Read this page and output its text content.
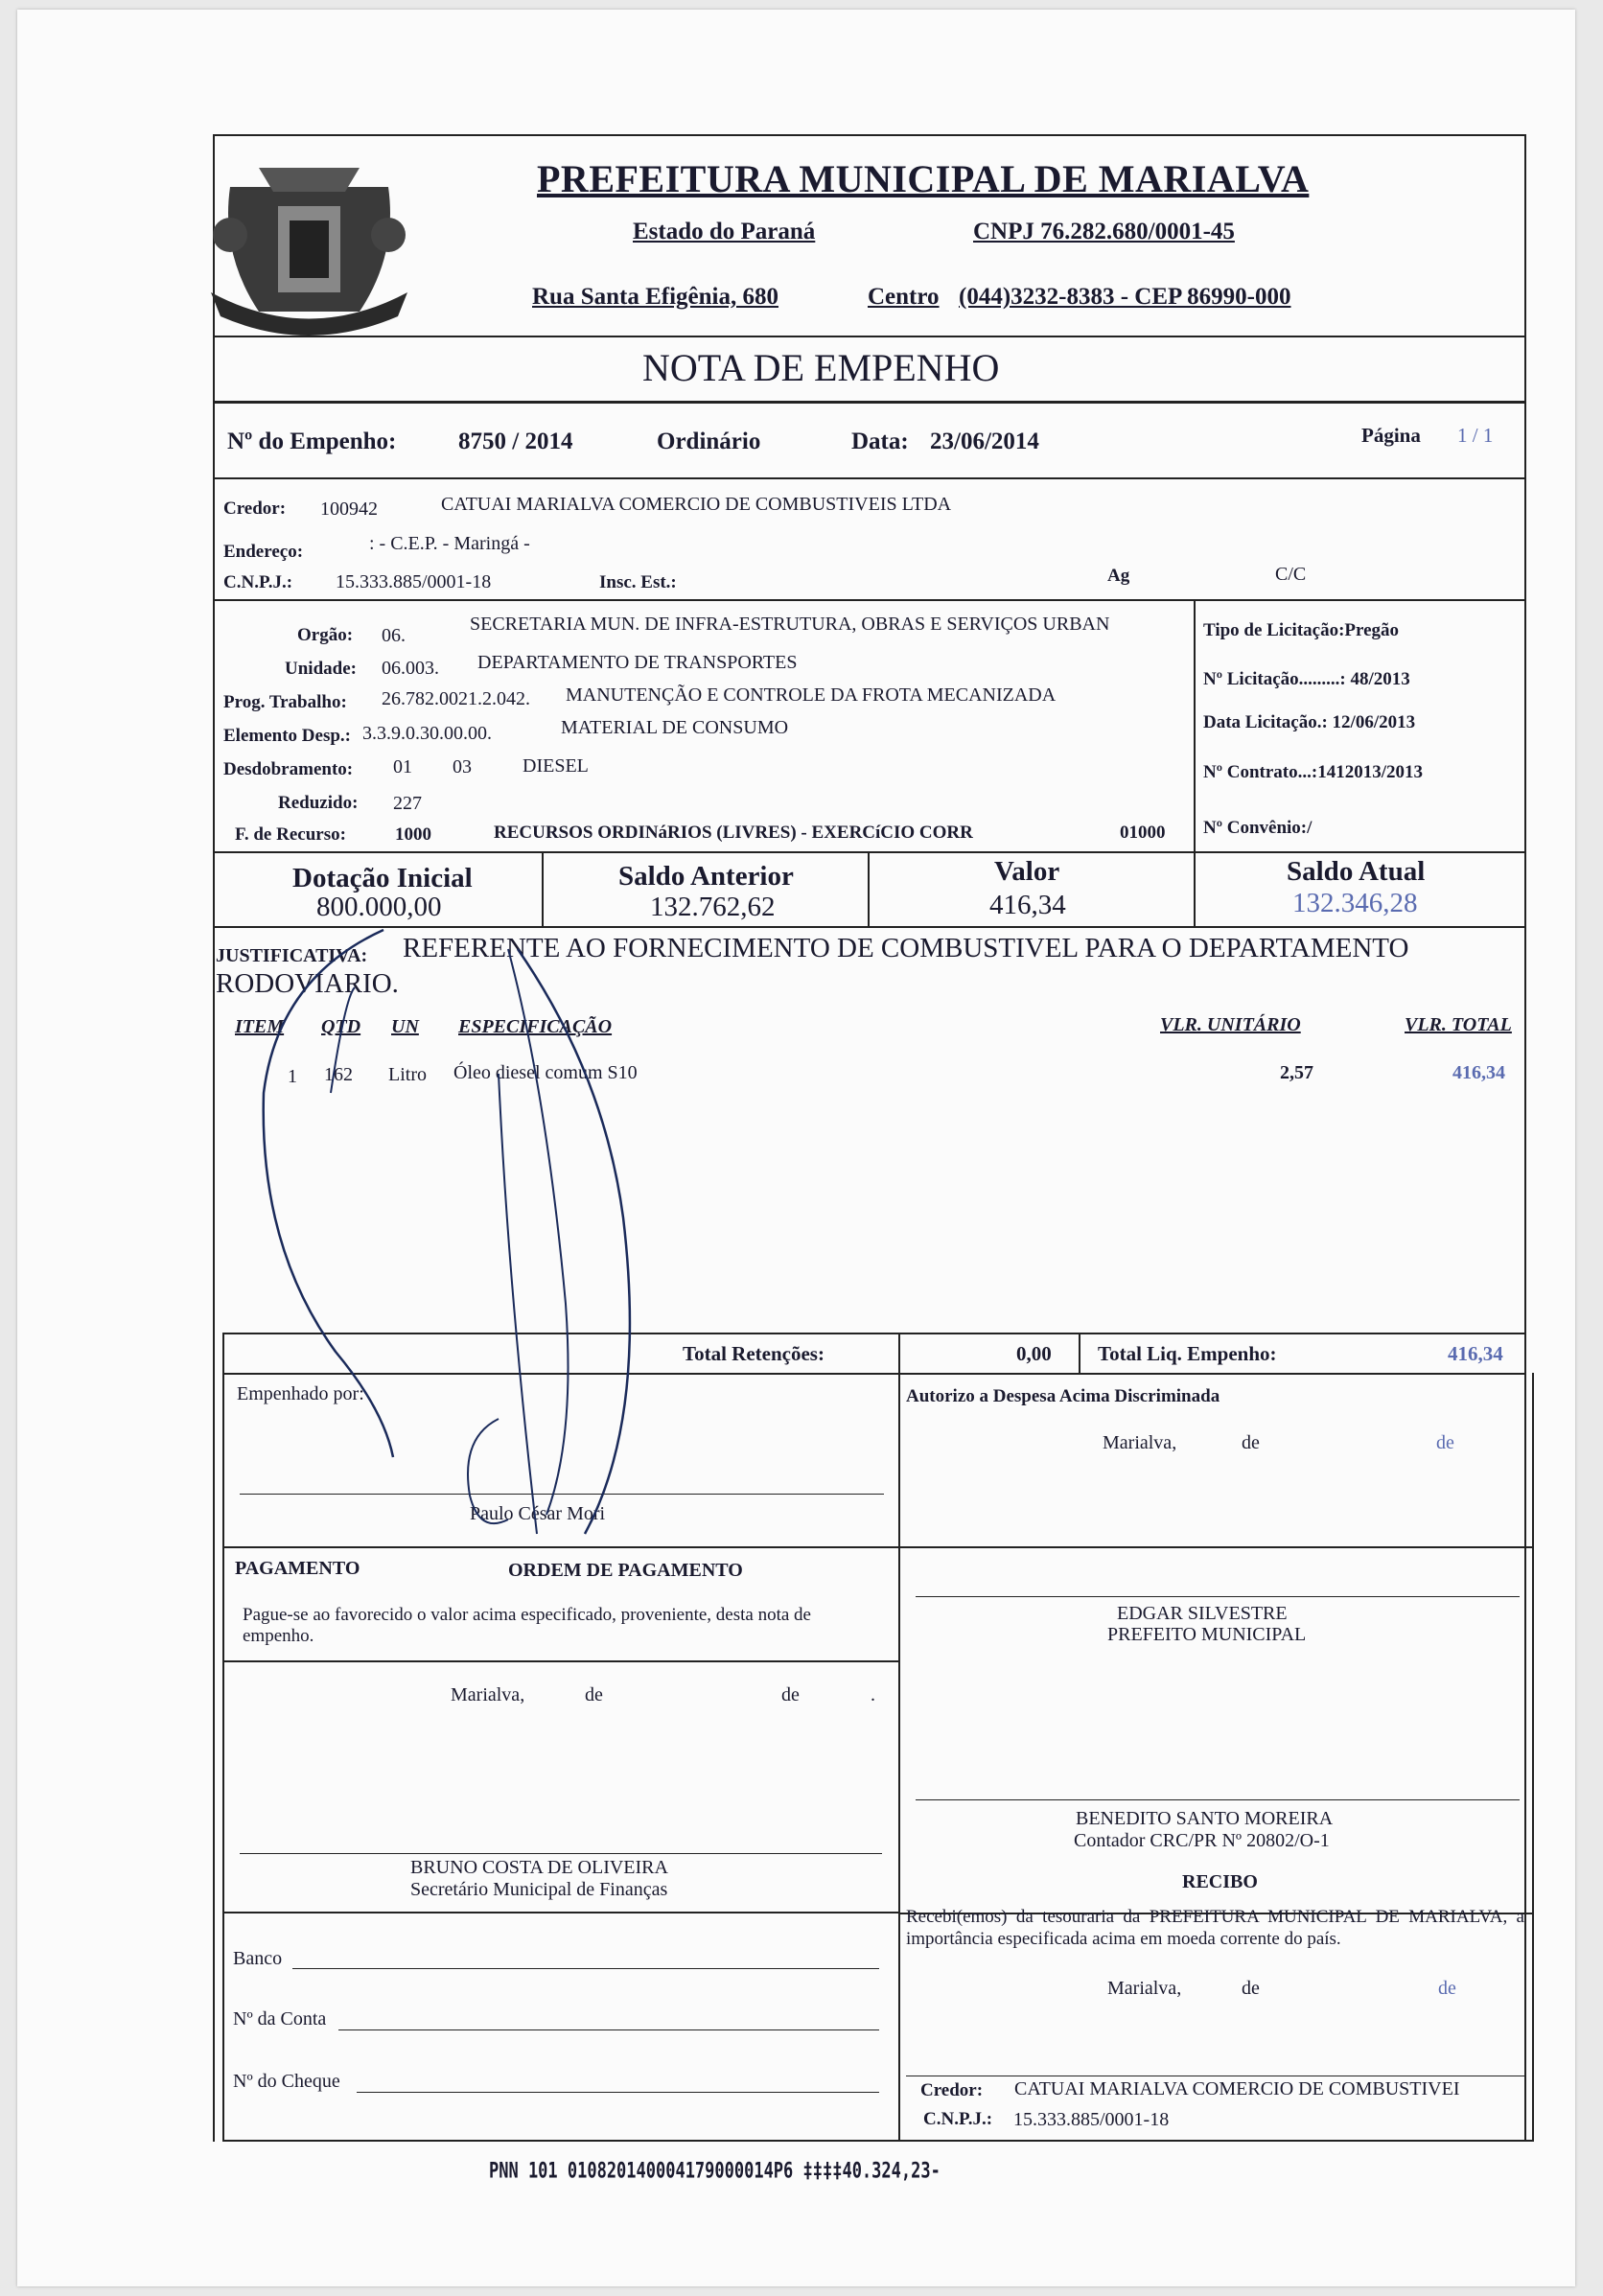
PREFEITURA MUNICIPAL DE MARIALVA
Estado do Paraná	CNPJ 76.282.680/0001-45
Rua Santa Efigênia, 680	Centro (044)3232-8383 - CEP 86990-000
NOTA DE EMPENHO
Nº do Empenho:	8750 / 2014	Ordinário	Data: 23/06/2014	Página 1 / 1
Credor: 100942	CATUAI MARIALVA COMERCIO DE COMBUSTIVEIS LTDA
Endereço:	: - C.E.P. - Maringá -
C.N.P.J.: 15.333.885/0001-18	Insc. Est.:	Ag	C/C
Orgão: 06.
SECRETARIA MUN. DE INFRA-ESTRUTURA, OBRAS E SERVIÇOS URBAN
Unidade: 06.003. DEPARTAMENTO DE TRANSPORTES
Prog. Trabalho: 26.782.0021.2.042. MANUTENÇÃO E CONTROLE DA FROTA MECANIZADA
Elemento Desp.: 3.3.9.0.30.00.00.	MATERIAL DE CONSUMO
Desdobramento: 01 03	DIESEL
Reduzido: 227
F. de Recurso:	1000	RECURSOS ORDINáRIOS (LIVRES) - EXERCíCIO CORR	01000
Tipo de Licitação:Pregão
Nº Licitação.........: 48/2013
Data Licitação.: 12/06/2013
Nº Contrato...:1412013/2013
Nº Convênio:/
Dotação Inicial
800.000,00
Saldo Anterior
132.762,62
Valor
416,34
Saldo Atual
132.346,28
JUSTIFICATIVA: REFERENTE AO FORNECIMENTO DE COMBUSTIVEL PARA O DEPARTAMENTO
RODOVIARIO.
ITEM QTD UN ESPECIFICAÇÃO	VLR. UNITÁRIO	VLR. TOTAL
1 162 Litro Óleo diesel comum S10	2,57	416,34
Total Retenções:	0,00 Total Liq. Empenho:	416,34
Empenhado por:
Paulo César Mori
Autorizo a Despesa Acima Discriminada
Marialva,	de	de
PAGAMENTO	ORDEM DE PAGAMENTO
Pague-se ao favorecido o valor acima especificado, proveniente, desta nota de empenho.
Marialva,	de	de	.
EDGAR SILVESTRE
PREFEITO MUNICIPAL
BENEDITO SANTO MOREIRA
Contador CRC/PR Nº 20802/O-1
BRUNO COSTA DE OLIVEIRA
Secretário Municipal de Finanças	RECIBO
Recebi(emos) da tesouraria da PREFEITURA MUNICIPAL DE MARIALVA, a importância especificada acima em moeda corrente do país.
Marialva,	de	de
Banco
Nº da Conta
Nº do Cheque	Credor: CATUAI MARIALVA COMERCIO DE COMBUSTIVEI
C.N.P.J.: 15.333.885/0001-18
PNN 101 010820140004179000014P6 ‡‡‡‡40.324,23-
